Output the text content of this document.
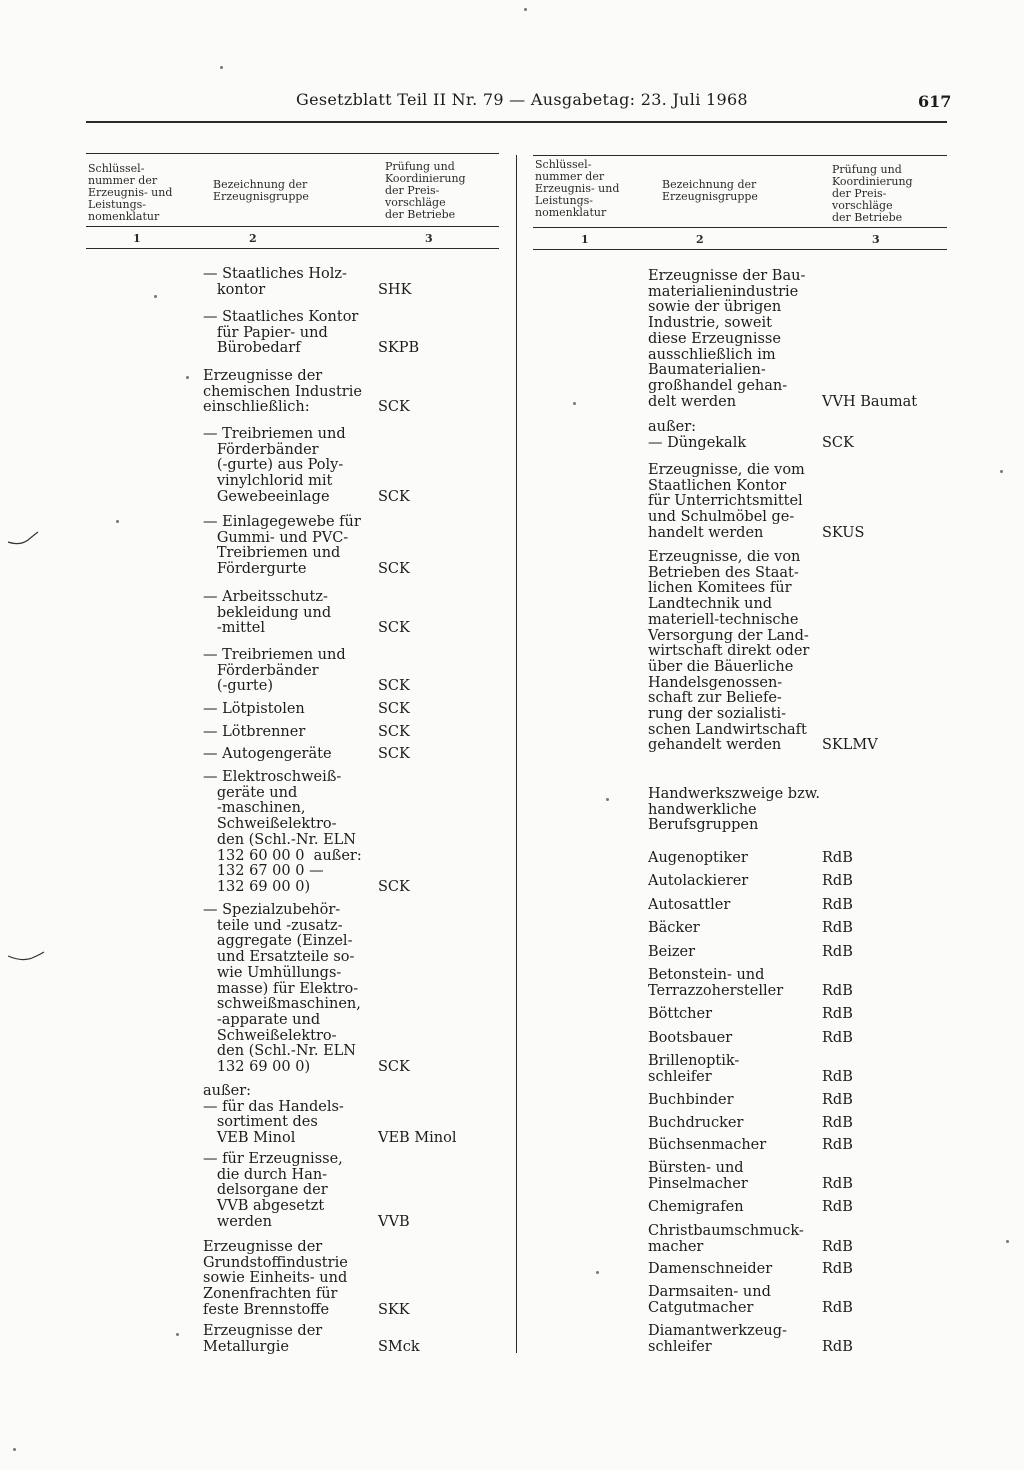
Gesetzblatt Teil II Nr. 79 — Ausgabetag: 23. Juli 1968	617
Schlüssel-
nummer der
Erzeugnis- und
Leistungs-
nomenklatur
Bezeichnung der
Erzeugnisgruppe
Prüfung und
Koordinierung
der Preis-
vorschläge
der Betriebe
1	2	3
Schlüssel-
nummer der
Erzeugnis- und
Leistungs-
nomenklatur
Bezeichnung der
Erzeugnisgruppe
Prüfung und
Koordinierung
der Preis-
vorschläge
der Betriebe
1	2	3
— Staatliches Holz-
kontor	SHK
— Staatliches Kontor
für Papier- und
Bürobedarf	SKPB
Erzeugnisse der
chemischen Industrie
einschließlich:	SCK
— Treibriemen und
Förderbänder
(-gurte) aus Poly-
vinylchlorid mit
Gewebeeinlage	SCK
— Einlagegewebe für
Gummi- und PVC-
Treibriemen und
Fördergurte	SCK
— Arbeitsschutz-
bekleidung und
-mittel	SCK
— Treibriemen und
Förderbänder
(-gurte)	SCK
— Lötpistolen	SCK
— Lötbrenner	SCK
— Autogengeräte	SCK
— Elektroschweiß-
geräte und
-maschinen,
Schweißelektro-
den (Schl.-Nr. ELN
132 60 00 0  außer:
132 67 00 0 —
132 69 00 0)	SCK
— Spezialzubehör-
teile und -zusatz-
aggregate (Einzel-
und Ersatzteile so-
wie Umhüllungs-
masse) für Elektro-
schweißmaschinen,
-apparate und
Schweißelektro-
den (Schl.-Nr. ELN
132 69 00 0)	SCK
außer:
— für das Handels-
sortiment des
VEB Minol	VEB Minol
— für Erzeugnisse,
die durch Han-
delsorgane der
VVB abgesetzt
werden	VVB
Erzeugnisse der
Grundstoffindustrie
sowie Einheits- und
Zonenfrachten für
feste Brennstoffe	SKK
Erzeugnisse der
Metallurgie	SMck
Erzeugnisse der Bau-
materialienindustrie
sowie der übrigen
Industrie, soweit
diese Erzeugnisse
ausschließlich im
Baumaterialien-
großhandel gehan-
delt werden	VVH Baumat
außer:
— Düngekalk	SCK
Erzeugnisse, die vom
Staatlichen Kontor
für Unterrichtsmittel
und Schulmöbel ge-
handelt werden	SKUS
Erzeugnisse, die von
Betrieben des Staat-
lichen Komitees für
Landtechnik und
materiell-technische
Versorgung der Land-
wirtschaft direkt oder
über die Bäuerliche
Handelsgenossen-
schaft zur Beliefe-
rung der sozialisti-
schen Landwirtschaft
gehandelt werden	SKLMV
Handwerkszweige bzw.
handwerkliche
Berufsgruppen
Augenoptiker	RdB
Autolackierer	RdB
Autosattler	RdB
Bäcker	RdB
Beizer	RdB
Betonstein- und
Terrazzohersteller	RdB
Böttcher	RdB
Bootsbauer	RdB
Brillenoptik-
schleifer	RdB
Buchbinder	RdB
Buchdrucker	RdB
Büchsenmacher	RdB
Bürsten- und
Pinselmacher	RdB
Chemigrafen	RdB
Christbaumschmuck-
macher	RdB
Damenschneider	RdB
Darmsaiten- und
Catgutmacher	RdB
Diamantwerkzeug-
schleifer	RdB
